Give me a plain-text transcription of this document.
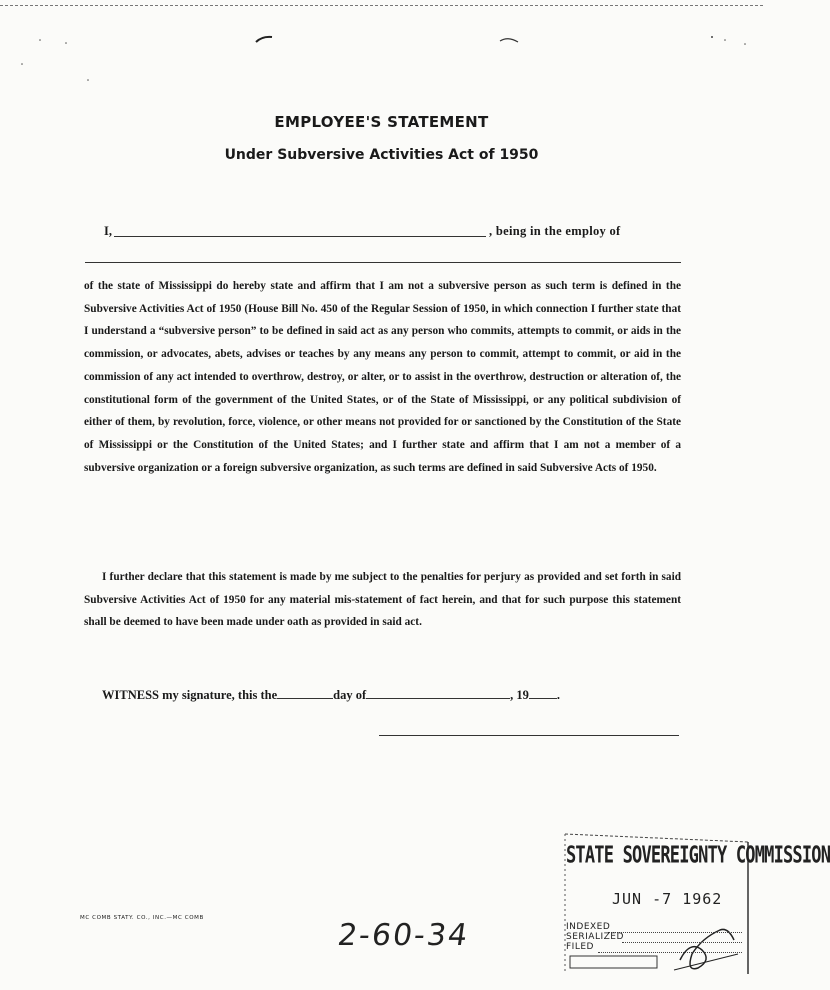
EMPLOYEE'S STATEMENT
Under Subversive Activities Act of 1950
I,	, being in the employ of
of the state of Mississippi do hereby state and affirm that I am not a subversive person as such term is defined in the Subversive Activities Act of 1950 (House Bill No. 450 of the Regular Session of 1950, in which connection I further state that I understand a “subversive person” to be defined in said act as any person who commits, attempts to commit, or aids in the commission, or advocates, abets, advises or teaches by any means any person to commit, attempt to commit, or aid in the commission of any act intended to overthrow, destroy, or alter, or to assist in the overthrow, destruction or alteration of, the constitutional form of the government of the United States, or of the State of Mississippi, or any political subdivision of either of them, by revolution, force, violence, or other means not provided for or sanctioned by the Constitution of the State of Mississippi or the Constitution of the United States; and I further state and affirm that I am not a member of a subversive organization or a foreign subversive organization, as such terms are defined in said Subversive Acts of 1950.
I further declare that this statement is made by me subject to the penalties for perjury as provided and set forth in said Subversive Activities Act of 1950 for any material mis-statement of fact herein, and that for such purpose this statement shall be deemed to have been made under oath as provided in said act.
WITNESS my signature, this the	day of	, 19 .
MC COMB STATY. CO., INC.—MC COMB	2-60-34
STATE SOVEREIGNTY COMMISSION
JUN -7 1962
INDEXED
SERIALIZED
FILED
